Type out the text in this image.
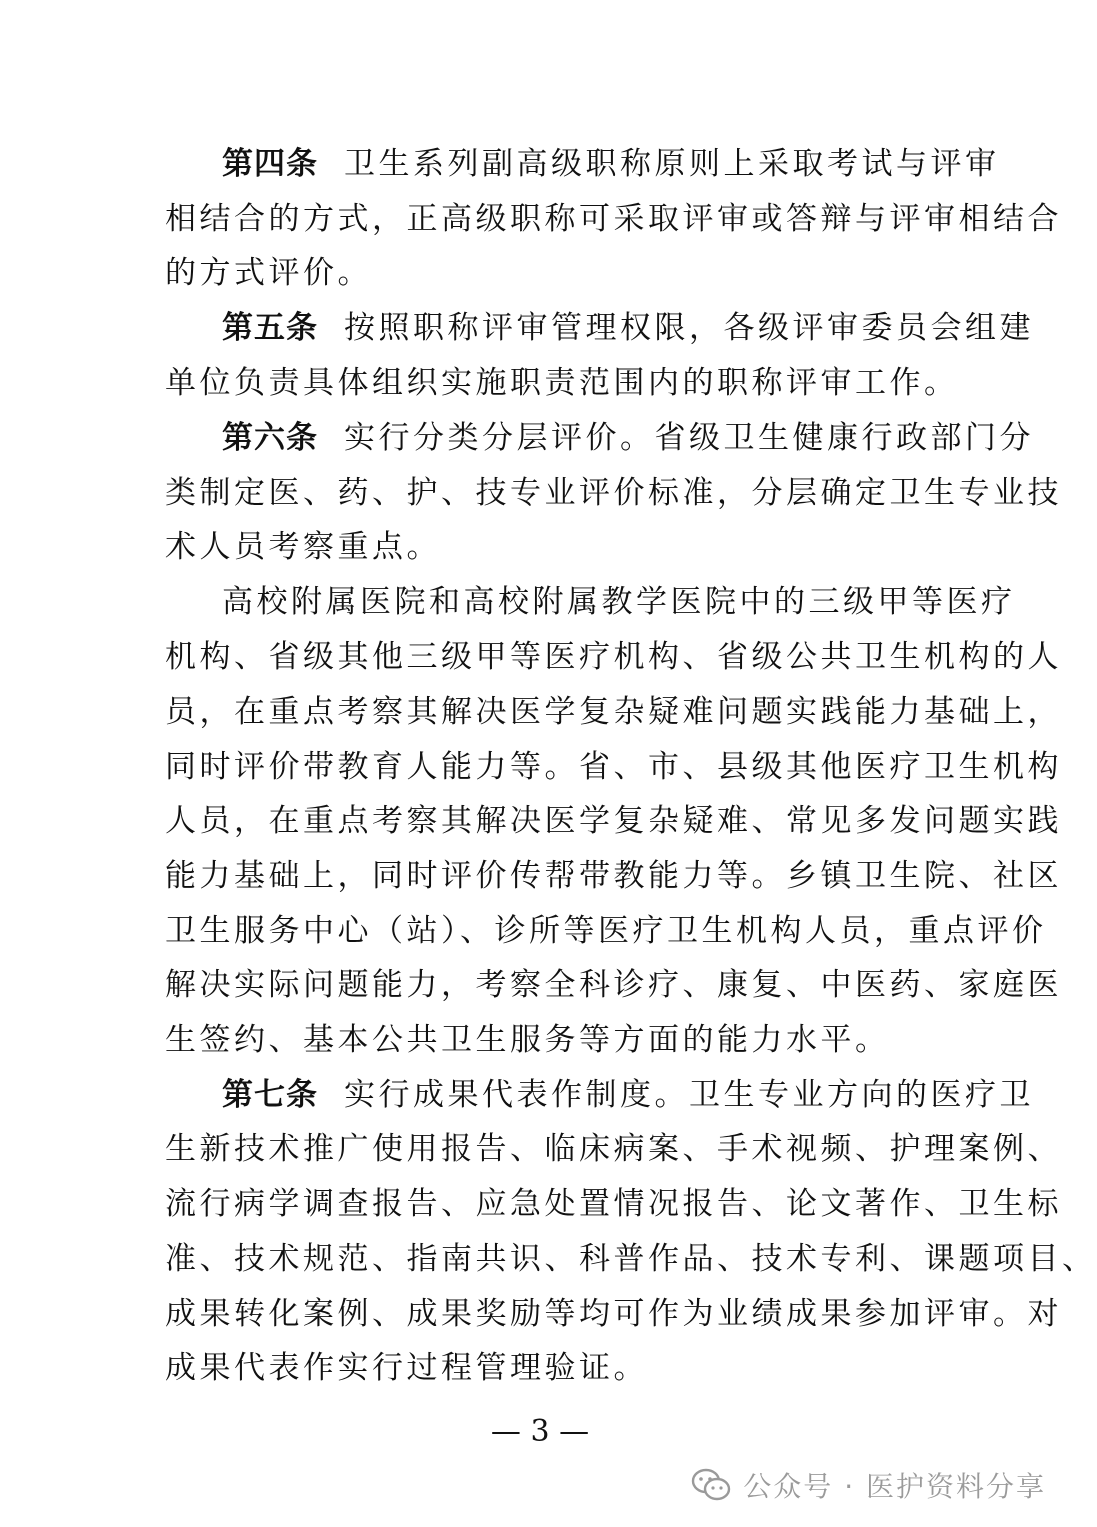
第四条 卫生系列副高级职称原则上采取考试与评审
相结合的方式，正高级职称可采取评审或答辩与评审相结合
的方式评价。
第五条 按照职称评审管理权限，各级评审委员会组建
单位负责具体组织实施职责范围内的职称评审工作。
第六条 实行分类分层评价。省级卫生健康行政部门分
类制定医、药、护、技专业评价标准，分层确定卫生专业技
术人员考察重点。
高校附属医院和高校附属教学医院中的三级甲等医疗
机构、省级其他三级甲等医疗机构、省级公共卫生机构的人
员，在重点考察其解决医学复杂疑难问题实践能力基础上，
同时评价带教育人能力等。省、市、县级其他医疗卫生机构
人员，在重点考察其解决医学复杂疑难、常见多发问题实践
能力基础上，同时评价传帮带教能力等。乡镇卫生院、社区
卫生服务中心（站）、诊所等医疗卫生机构人员，重点评价
解决实际问题能力，考察全科诊疗、康复、中医药、家庭医
生签约、基本公共卫生服务等方面的能力水平。
第七条 实行成果代表作制度。卫生专业方向的医疗卫
生新技术推广使用报告、临床病案、手术视频、护理案例、
流行病学调查报告、应急处置情况报告、论文著作、卫生标
准、技术规范、指南共识、科普作品、技术专利、课题项目、
成果转化案例、成果奖励等均可作为业绩成果参加评审。对
成果代表作实行过程管理验证。
— 3 —
公众号 · 医护资料分享
